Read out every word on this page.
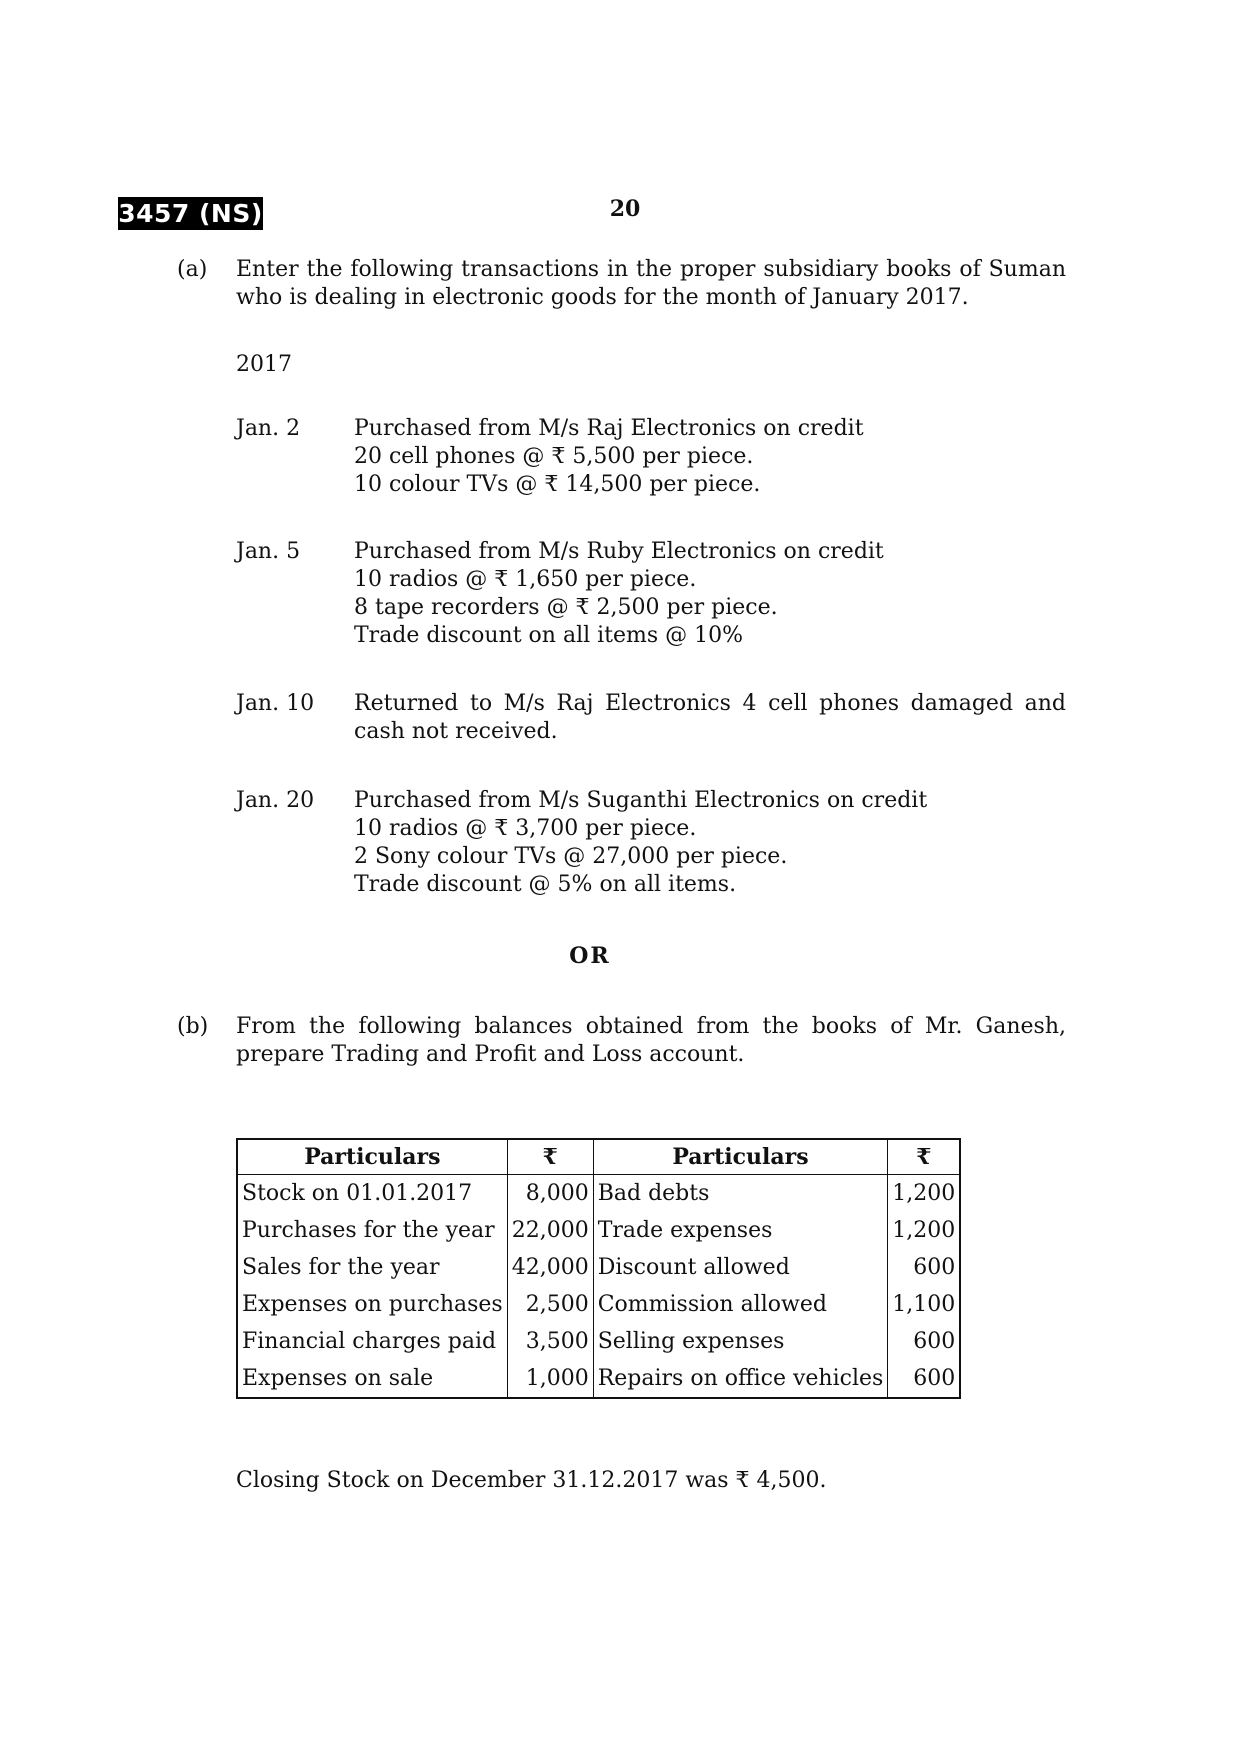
3457 (NS)	20
(a) Enter the following transactions in the proper subsidiary books of Suman who is dealing in electronic goods for the month of January 2017.
2017
Jan. 2 Purchased from M/s Raj Electronics on credit
20 cell phones @ ₹ 5,500 per piece.
10 colour TVs @ ₹ 14,500 per piece.
Jan. 5 Purchased from M/s Ruby Electronics on credit
10 radios @ ₹ 1,650 per piece.
8 tape recorders @ ₹ 2,500 per piece.
Trade discount on all items @ 10%
Jan. 10 Returned to M/s Raj Electronics 4 cell phones damaged and cash not received.
Jan. 20 Purchased from M/s Suganthi Electronics on credit
10 radios @ ₹ 3,700 per piece.
2 Sony colour TVs @ 27,000 per piece.
Trade discount @ 5% on all items.
OR
(b) From the following balances obtained from the books of Mr. Ganesh, prepare Trading and Profit and Loss account.
Particulars	₹	Particulars	₹
Stock on 01.01.2017	8,000	Bad debts	1,200
Purchases for the year	22,000	Trade expenses	1,200
Sales for the year	42,000	Discount allowed	600
Expenses on purchases	2,500	Commission allowed	1,100
Financial charges paid	3,500	Selling expenses	600
Expenses on sale	1,000	Repairs on office vehicles	600
Closing Stock on December 31.12.2017 was ₹ 4,500.
